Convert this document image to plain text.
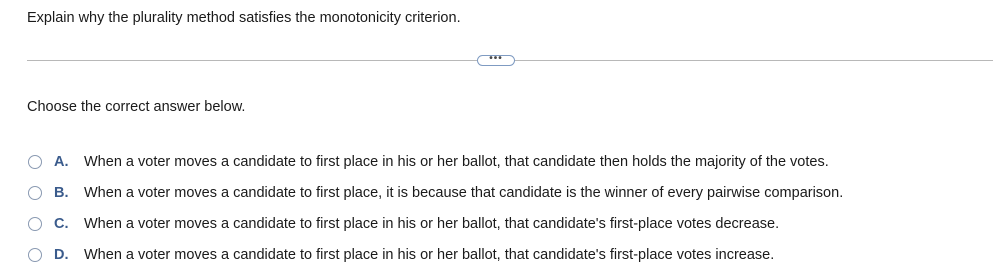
Explain why the plurality method satisfies the monotonicity criterion.
•••
Choose the correct answer below.
A.	When a voter moves a candidate to first place in his or her ballot, that candidate then holds the majority of the votes.
B.	When a voter moves a candidate to first place, it is because that candidate is the winner of every pairwise comparison.
C.	When a voter moves a candidate to first place in his or her ballot, that candidate's first-place votes decrease.
D.	When a voter moves a candidate to first place in his or her ballot, that candidate's first-place votes increase.
